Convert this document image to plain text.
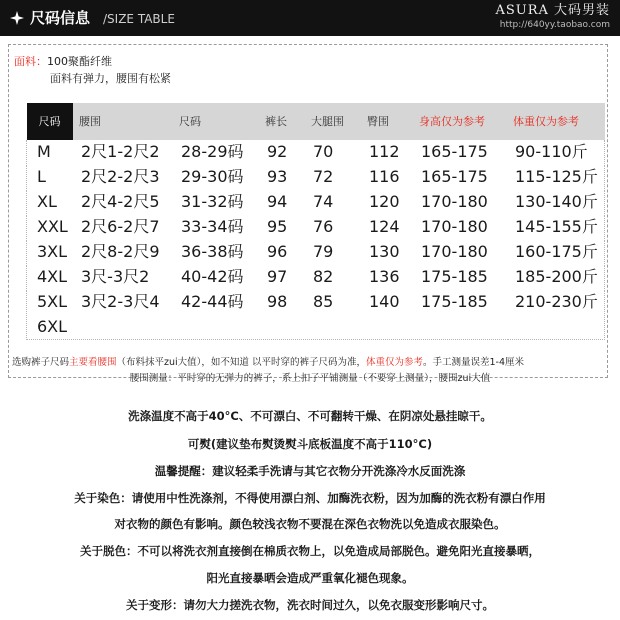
尺码信息 /SIZE TABLE
ASURA 大码男装
http://640yy.taobao.com
面料：100聚酯纤维
面料有弹力，腰围有松紧
尺码	腰围	尺码	裤长	大腿围	臀围	身高仅为参考	体重仅为参考
M	2尺1-2尺2	28-29码	92	70	112	165-175	90-110斤
L	2尺2-2尺3	29-30码	93	72	116	165-175	115-125斤
XL	2尺4-2尺5	31-32码	94	74	120	170-180	130-140斤
XXL	2尺6-2尺7	33-34码	95	76	124	170-180	145-155斤
3XL	2尺8-2尺9	36-38码	96	79	130	170-180	160-175斤
4XL	3尺-3尺2	40-42码	97	82	136	175-185	185-200斤
5XL	3尺2-3尺4	42-44码	98	85	140	175-185	210-230斤
6XL							
选购裤子尺码主要看腰围（布料抹平zui大值），如不知道 以平时穿的裤子尺码为准，体重仅为参考。手工测量误差1-4厘米
腰围测量：平时穿的无弹力的裤子，系上扣子平铺测量（不要穿上测量），腰围zui大值
洗涤温度不高于40°C、不可漂白、不可翻转干燥、在阴凉处悬挂晾干。
可熨(建议垫布熨烫熨斗底板温度不高于110°C)
温馨提醒：建议轻柔手洗请与其它衣物分开洗涤冷水反面洗涤
关于染色：请使用中性洗涤剂，不得使用漂白剂、加酶洗衣粉，因为加酶的洗衣粉有漂白作用
对衣物的颜色有影响。颜色较浅衣物不要混在深色衣物洗以免造成衣服染色。
关于脱色：不可以将洗衣剂直接倒在棉质衣物上，以免造成局部脱色。避免阳光直接暴晒，
阳光直接暴晒会造成严重氧化褪色现象。
关于变形：请勿大力搓洗衣物，洗衣时间过久，以免衣服变形影响尺寸。
